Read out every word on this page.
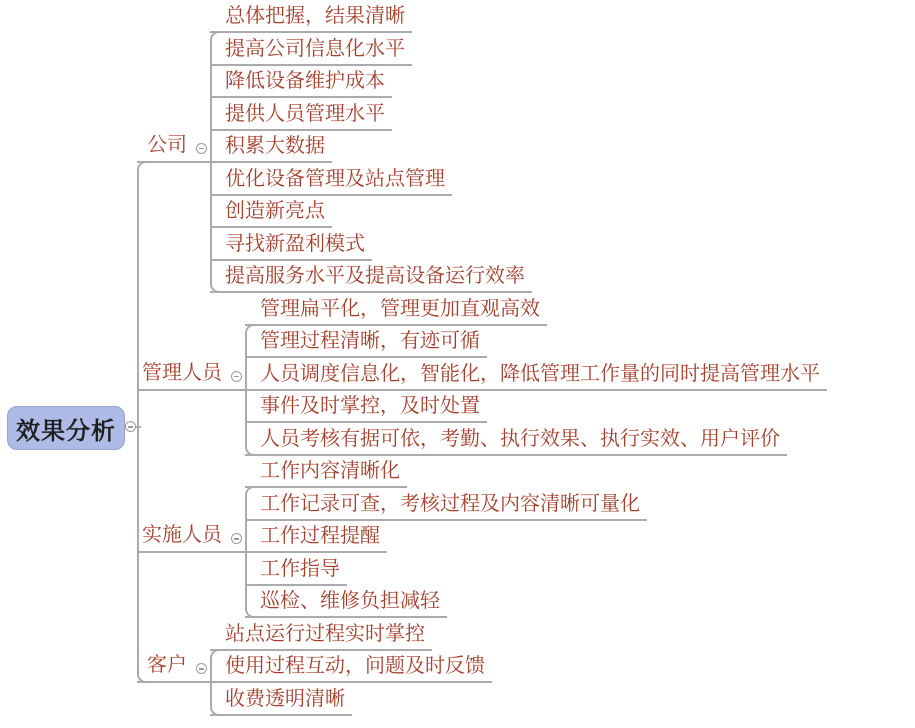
效果分析
公司
管理人员
实施人员
客户
总体把握，结果清晰
提高公司信息化水平
降低设备维护成本
提供人员管理水平
积累大数据
优化设备管理及站点管理
创造新亮点
寻找新盈利模式
提高服务水平及提高设备运行效率
管理扁平化，管理更加直观高效
管理过程清晰，有迹可循
人员调度信息化，智能化，降低管理工作量的同时提高管理水平
事件及时掌控，及时处置
人员考核有据可依，考勤、执行效果、执行实效、用户评价
工作内容清晰化
工作记录可查，考核过程及内容清晰可量化
工作过程提醒
工作指导
巡检、维修负担减轻
站点运行过程实时掌控
使用过程互动，问题及时反馈
收费透明清晰
